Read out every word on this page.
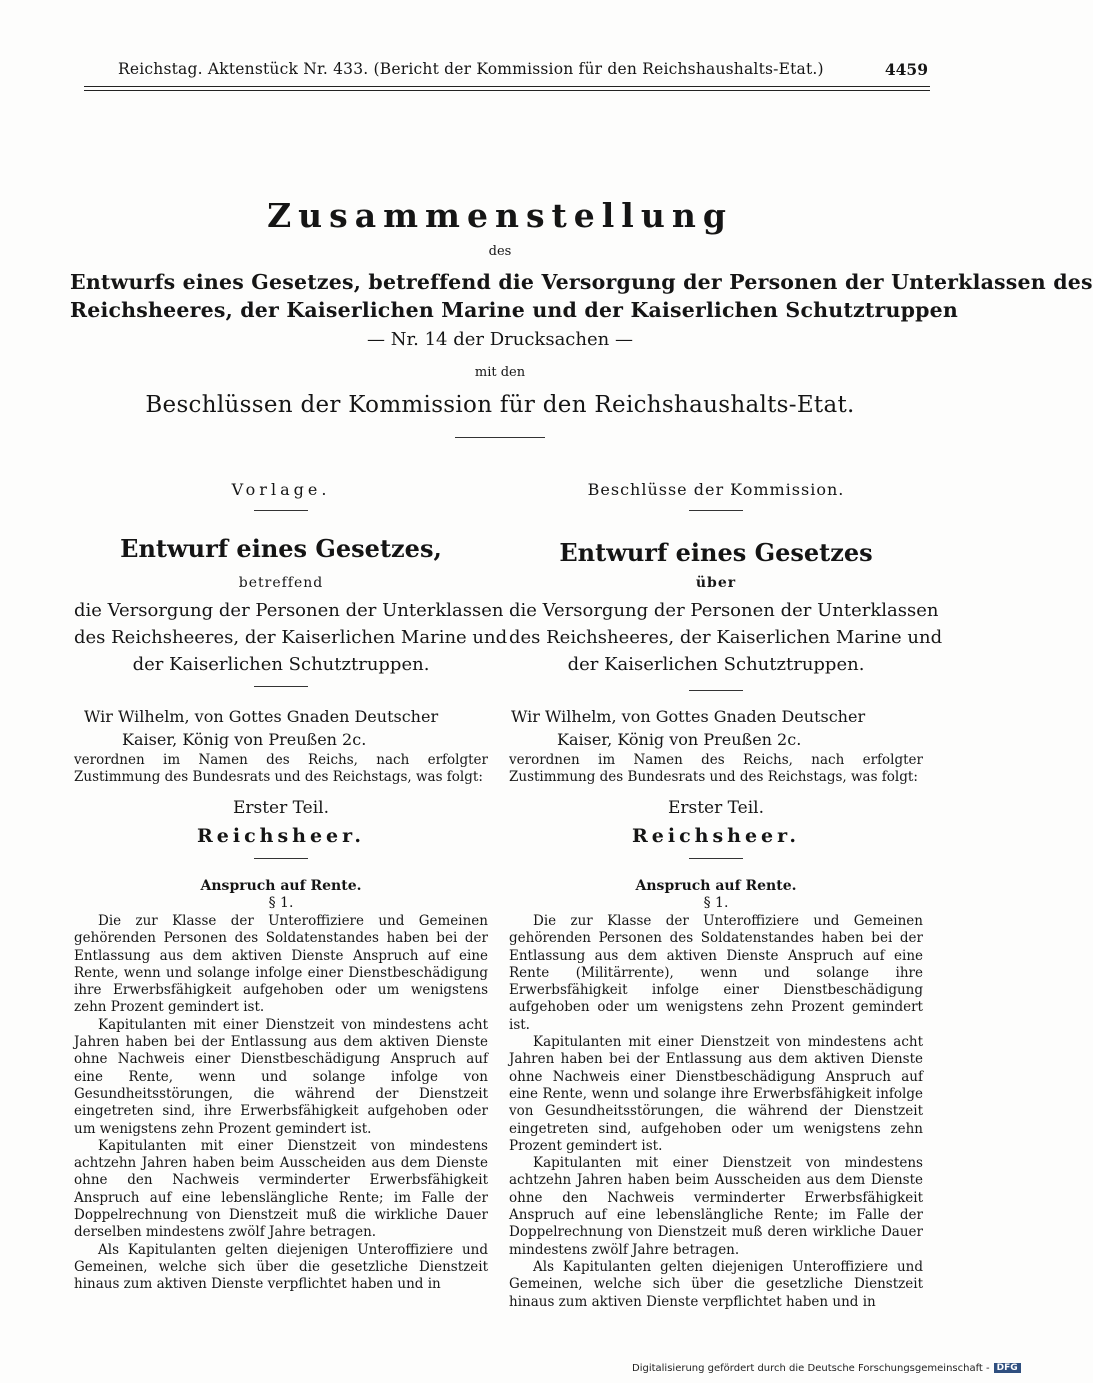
Reichstag. Aktenstück Nr. 433. (Bericht der Kommission für den Reichshaushalts-Etat.)	4459
Zusammenstellung
des
Entwurfs eines Gesetzes, betreffend die Versorgung der Personen der Unterklassen des
Reichsheeres, der Kaiserlichen Marine und der Kaiserlichen Schutztruppen
— Nr. 14 der Drucksachen —
mit den
Beschlüssen der Kommission für den Reichshaushalts-Etat.
Vorlage.
Entwurf eines Gesetzes,
betreffend
die Versorgung der Personen der Unterklassen
des Reichsheeres, der Kaiserlichen Marine und
der Kaiserlichen Schutztruppen.
Wir Wilhelm, von Gottes Gnaden Deutscher
Kaiser, König von Preußen 2c.
verordnen im Namen des Reichs, nach erfolgter Zustimmung des Bundesrats und des Reichstags, was folgt:
Erster Teil.
Reichsheer.
Anspruch auf Rente.
§ 1.

Die zur Klasse der Unteroffiziere und Gemeinen gehörenden Personen des Soldatenstandes haben bei der Entlassung aus dem aktiven Dienste Anspruch auf eine Rente, wenn und solange infolge einer Dienstbeschädigung ihre Erwerbsfähigkeit aufgehoben oder um wenigstens zehn Prozent gemindert ist.

Kapitulanten mit einer Dienstzeit von mindestens acht Jahren haben bei der Entlassung aus dem aktiven Dienste ohne Nachweis einer Dienstbeschädigung Anspruch auf eine Rente, wenn und solange infolge von Gesundheitsstörungen, die während der Dienstzeit eingetreten sind, ihre Erwerbsfähigkeit aufgehoben oder um wenigstens zehn Prozent gemindert ist.

Kapitulanten mit einer Dienstzeit von mindestens achtzehn Jahren haben beim Ausscheiden aus dem Dienste ohne den Nachweis verminderter Erwerbsfähigkeit Anspruch auf eine lebenslängliche Rente; im Falle der Doppelrechnung von Dienstzeit muß die wirkliche Dauer derselben mindestens zwölf Jahre betragen.

Als Kapitulanten gelten diejenigen Unteroffiziere und Gemeinen, welche sich über die gesetzliche Dienstzeit hinaus zum aktiven Dienste verpflichtet haben und in

Beschlüsse der Kommission.
Entwurf eines Gesetzes
über
die Versorgung der Personen der Unterklassen
des Reichsheeres, der Kaiserlichen Marine und
der Kaiserlichen Schutztruppen.
Wir Wilhelm, von Gottes Gnaden Deutscher
Kaiser, König von Preußen 2c.
verordnen im Namen des Reichs, nach erfolgter Zustimmung des Bundesrats und des Reichstags, was folgt:
Erster Teil.
Reichsheer.
Anspruch auf Rente.
§ 1.

Die zur Klasse der Unteroffiziere und Gemeinen gehörenden Personen des Soldatenstandes haben bei der Entlassung aus dem aktiven Dienste Anspruch auf eine Rente (Militärrente), wenn und solange ihre Erwerbsfähigkeit infolge einer Dienstbeschädigung aufgehoben oder um wenigstens zehn Prozent gemindert ist.

Kapitulanten mit einer Dienstzeit von mindestens acht Jahren haben bei der Entlassung aus dem aktiven Dienste ohne Nachweis einer Dienstbeschädigung Anspruch auf eine Rente, wenn und solange ihre Erwerbsfähigkeit infolge von Gesundheitsstörungen, die während der Dienstzeit eingetreten sind, aufgehoben oder um wenigstens zehn Prozent gemindert ist.

Kapitulanten mit einer Dienstzeit von mindestens achtzehn Jahren haben beim Ausscheiden aus dem Dienste ohne den Nachweis verminderter Erwerbsfähigkeit Anspruch auf eine lebenslängliche Rente; im Falle der Doppelrechnung von Dienstzeit muß deren wirkliche Dauer mindestens zwölf Jahre betragen.

Als Kapitulanten gelten diejenigen Unteroffiziere und Gemeinen, welche sich über die gesetzliche Dienstzeit hinaus zum aktiven Dienste verpflichtet haben und in

Digitalisierung gefördert durch die Deutsche Forschungsgemeinschaft - DFG
